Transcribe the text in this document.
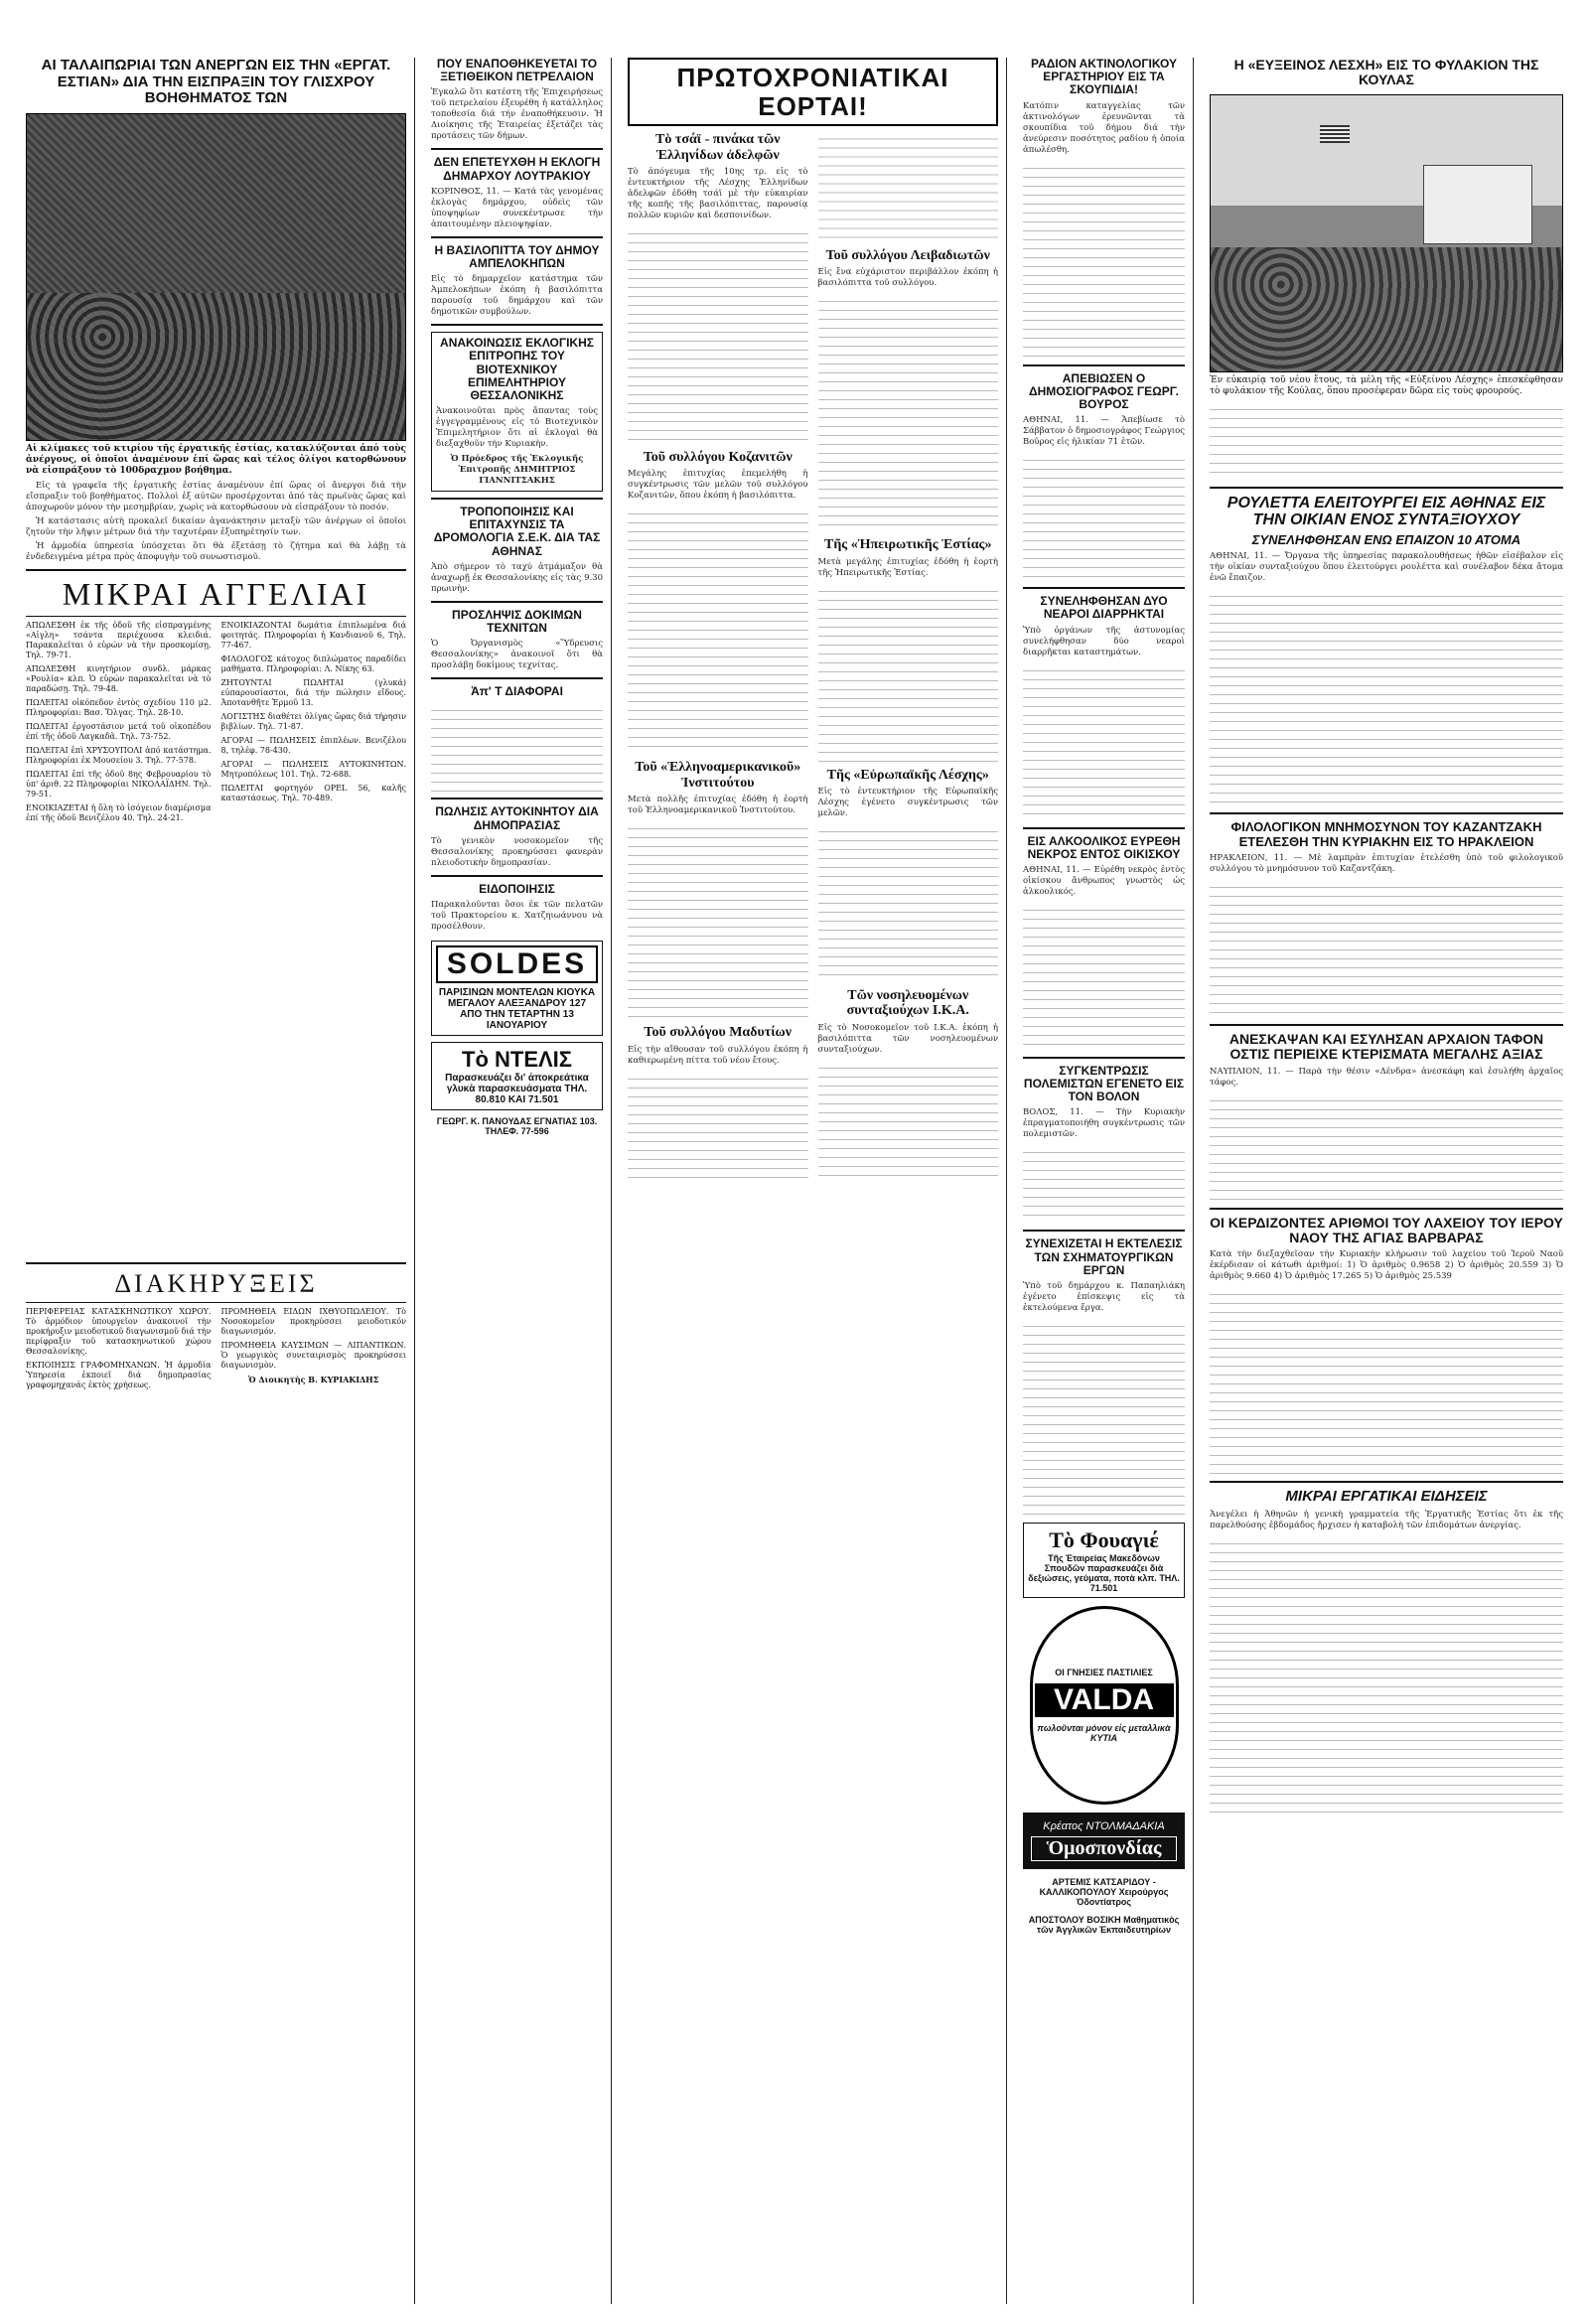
ΑΙ ΤΑΛΑΙΠΩΡΙΑΙ ΤΩΝ ΑΝΕΡΓΩΝ ΕΙΣ ΤΗΝ «ΕΡΓΑΤ. ΕΣΤΙΑΝ» ΔΙΑ ΤΗΝ ΕΙΣΠΡΑΞΙΝ ΤΟΥ ΓΛΙΣΧΡΟΥ ΒΟΗΘΗΜΑΤΟΣ ΤΩΝ
Αἱ κλίμακες τοῦ κτιρίου τῆς ἐργατικῆς ἑστίας, κατακλύζονται ἀπό τοὺς ἀνέργους, οἱ ὁποῖοι ἀναμένουν ἐπί ὥρας καὶ τέλος ὀλίγοι κατορθώνουν νὰ εἰσπράξουν τὸ 100δραχμον βοήθημα.

Εἰς τὰ γραφεῖα τῆς ἐργατικῆς ἑστίας ἀναμένουν ἐπί ὥρας οἱ ἄνεργοι διά τὴν εἴσπραξιν τοῦ βοηθήματος. Πολλοὶ ἐξ αὐτῶν προσέρχονται ἀπό τὰς πρωϊνὰς ὥρας καὶ ἀποχωροῦν μόνον τὴν μεσημβρίαν, χωρὶς νὰ κατορθώσουν νὰ εἰσπράξουν τὸ ποσόν.

Ἡ κατάστασις αὐτὴ προκαλεῖ δικαίαν ἀγανάκτησιν μεταξὺ τῶν ἀνέργων οἱ ὁποῖοι ζητοῦν τὴν λῆψιν μέτρων διά τὴν ταχυτέραν ἐξυπηρέτησίν των.

Ἡ ἀρμοδία ὑπηρεσία ὑπόσχεται ὅτι θὰ ἐξετάσῃ τὸ ζήτημα καὶ θὰ λάβῃ τὰ ἐνδεδειγμένα μέτρα πρὸς ἀποφυγὴν τοῦ συνωστισμοῦ.

ΜΙΚΡΑΙ ΑΓΓΕΛΙΑΙ
ΑΠΩΛΕΣΘΗ ἐκ τῆς ὁδοῦ τῆς εἰσπραγμένης «Αἰγλη» τσάντα περιέχουσα κλειδιά. Παρακαλεῖται ὁ εὑρών νὰ τὴν προσκομίσῃ. Τηλ. 79-71.
ΑΠΩΛΕΣΘΗ κινητήριον συνδλ. μάρκας «Ρουλία» κλπ. Ὁ εὑρών παρακαλεῖται νὰ τὸ παραδώσῃ. Τηλ. 79-48.
ΠΩΛΕΙΤΑΙ οἰκόπεδον ἐντὸς σχεδίου 110 μ2. Πληροφορίαι: Βασ. Ὅλγας. Τηλ. 28-10.
ΠΩΛΕΙΤΑΙ ἐργοστάσιον μετά τοῦ οἰκοπέδου ἐπί τῆς ὁδοῦ Λαγκαδᾶ. Τηλ. 73-752.
ΠΩΛΕΙΤΑΙ ἐπὶ ΧΡΥΣΟΥΠΟΛΙ ἀπό κατάστημα. Πληροφορίαι ἐκ Μουσείου 3. Τηλ. 77-578.
ΠΩΛΕΙΤΑΙ ἐπί τῆς ὁδοῦ 8ης Φεβρουαρίου τὸ ὑπ' ἀριθ. 22 Πληροφορίαι ΝΙΚΟΛΑΪΔΗΝ. Τηλ. 79-51.
ΕΝΟΙΚΙΑΖΕΤΑΙ ἡ ὅλη τὸ ἰσόγειον διαμέρισμα ἐπί τῆς ὁδοῦ Βενιζέλου 40. Τηλ. 24-21.
ΕΝΟΙΚΙΑΖΟΝΤΑΙ δωμάτια ἐπιπλωμένα διά φοιτητάς. Πληροφορίαι ἡ Κανδιανοῦ 6, Τηλ. 77-467.
ΦΙΛΟΛΟΓΟΣ κάτοχος διπλώματος παραδίδει μαθήματα. Πληροφορίαι: Λ. Νίκης 63.
ΖΗΤΟΥΝΤΑΙ ΠΩΛΗΤΑΙ (γλυκά) εὐπαρουσίαστοι, διά τήν πώλησιν εἴδους. Ἀποτανθῆτε Ἑρμοῦ 13.
ΛΟΓΙΣΤΗΣ διαθέτει ὀλίγας ὥρας διά τήρησιν βιβλίων. Τηλ. 71-87.
ΑΓΟΡΑΙ — ΠΩΛΗΣΕΙΣ ἐπιπλέων. Βενιζέλου 8, τηλέφ. 78-430.
ΑΓΟΡΑΙ — ΠΩΛΗΣΕΙΣ ΑΥΤΟΚΙΝΗΤΩΝ. Μητροπόλεως 101. Τηλ. 72-688.
ΠΩΛΕΙΤΑΙ φορτηγόν OPEL 56, καλῆς καταστάσεως. Τηλ. 70-489.
ΔΙΑΚΗΡΥΞΕΙΣ
ΠΕΡΙΦΕΡΕΙΑΣ ΚΑΤΑΣΚΗΝΩΤΙΚΟΥ ΧΩΡΟΥ. Τὸ ἀρμόδιον ὑπουργεῖον ἀνακοινοῖ τὴν προκήρυξιν μειοδοτικοῦ διαγωνισμοῦ διά τὴν περίφραξιν τοῦ κατασκηνωτικοῦ χώρου Θεσσαλονίκης.
ΕΚΠΟΙΗΣΙΣ ΓΡΑΦΟΜΗΧΑΝΩΝ. Ἡ ἀρμοδία Ὑπηρεσία ἐκποιεῖ διά δημοπρασίας γραφομηχανάς ἐκτὸς χρήσεως.
ΠΡΟΜΗΘΕΙΑ ΕΙΔΩΝ ΙΧΘΥΟΠΩΛΕΙΟΥ. Τὸ Νοσοκομεῖον προκηρύσσει μειοδοτικόν διαγωνισμόν.
ΠΡΟΜΗΘΕΙΑ ΚΑΥΣΙΜΩΝ — ΛΙΠΑΝΤΙΚΩΝ. Ὁ γεωργικὸς συνεταιρισμὸς προκηρύσσει διαγωνισμὸν.
Ὁ Διοικητὴς Β. ΚΥΡΙΑΚΙΔΗΣ
ΠΟΥ ΕΝΑΠΟΘΗΚΕΥΕΤΑΙ ΤΟ ΞΕΤΙΘΕΙΚΟΝ ΠΕΤΡΕΛΑΙΟΝ
Ἐγκαλῶ ὅτι κατέστη τῆς Ἐπιχειρήσεως τοῦ πετρελαίου ἐξευρέθη ἡ κατάλληλος τοποθεσία διά τήν ἐναποθήκευσιν. Ἡ Διοίκησις τῆς Ἑταιρείας ἐξετάζει τὰς προτάσεις τῶν δήμων.
ΔΕΝ ΕΠΕΤΕΥΧΘΗ Η ΕΚΛΟΓΗ ΔΗΜΑΡΧΟΥ ΛΟΥΤΡΑΚΙΟΥ
ΚΟΡΙΝΘΟΣ, 11. — Κατά τὰς γενομένας ἐκλογὰς δημάρχου, οὐδεὶς τῶν ὑποψηφίων συνεκέντρωσε τὴν ἀπαιτουμένην πλειοψηφίαν.
Η ΒΑΣΙΛΟΠΙΤΤΑ ΤΟΥ ΔΗΜΟΥ ΑΜΠΕΛΟΚΗΠΩΝ
Εἰς τὸ δημαρχεῖον κατάστημα τῶν Ἀμπελοκήπων ἐκόπη ἡ βασιλόπιττα παρουσίᾳ τοῦ δημάρχου καὶ τῶν δημοτικῶν συμβούλων.
ΑΝΑΚΟΙΝΩΣΙΣ ΕΚΛΟΓΙΚΗΣ ΕΠΙΤΡΟΠΗΣ ΤΟΥ ΒΙΟΤΕΧΝΙΚΟΥ ΕΠΙΜΕΛΗΤΗΡΙΟΥ ΘΕΣΣΑΛΟΝΙΚΗΣ
Ἀνακοινοῦται πρὸς ἅπαντας τοὺς ἐγγεγραμμένους εἰς τὸ Βιοτεχνικὸν Ἐπιμελητήριον ὅτι αἱ ἐκλογαὶ θὰ διεξαχθοῦν τὴν Κυριακὴν.
Ὁ Πρόεδρος τῆς Ἐκλογικῆς Ἐπιτροπῆς ΔΗΜΗΤΡΙΟΣ ΓΙΑΝΝΙΤΣΑΚΗΣ
ΤΡΟΠΟΠΟΙΗΣΙΣ ΚΑΙ ΕΠΙΤΑΧΥΝΣΙΣ ΤΑ ΔΡΟΜΟΛΟΓΙΑ Σ.Ε.Κ. ΔΙΑ ΤΑΣ ΑΘΗΝΑΣ
Ἀπὸ σήμερον τὸ ταχύ ἀτμάμαξον θὰ ἀναχωρῇ ἐκ Θεσσαλονίκης εἰς τὰς 9.30 πρωινὴν.
ΠΡΟΣΛΗΨΙΣ ΔΟΚΙΜΩΝ ΤΕΧΝΙΤΩΝ
Ὁ Ὀργανισμὸς «Ὕδρευσις Θεσσαλονίκης» ἀνακοινοῖ ὅτι θὰ προσλάβῃ δοκίμους τεχνίτας.
Ἀπ' Τ ΔΙΑΦΟΡΑΙ
ΠΩΛΗΣΙΣ ΑΥΤΟΚΙΝΗΤΟΥ ΔΙΑ ΔΗΜΟΠΡΑΣΙΑΣ
Τὸ γενικὸν νοσοκομεῖον τῆς Θεσσαλονίκης προκηρύσσει φανερὰν πλειοδοτικὴν δημοπρασίαν.
ΕΙΔΟΠΟΙΗΣΙΣ
Παρακαλοῦνται ὅσοι ἐκ τῶν πελατῶν τοῦ Πρακτορείου κ. Χατζηιωάννου νὰ προσέλθουν.
SOLDES
ΠΑΡΙΣΙΝΩΝ ΜΟΝΤΕΛΩΝ ΚΙΟΥΚΑ ΜΕΓΑΛΟΥ ΑΛΕΞΑΝΔΡΟΥ 127 ΑΠΟ ΤΗΝ ΤΕΤΑΡΤΗΝ 13 ΙΑΝΟΥΑΡΙΟΥ
Τὸ ΝΤΕΛΙΣ
Παρασκευάζει δι' ἀποκρεάτικα γλυκὰ παρασκευάσματα ΤΗΛ. 80.810 ΚΑΙ 71.501
ΓΕΩΡΓ. Κ. ΠΑΝΟΥΔΑΣ ΕΓΝΑΤΙΑΣ 103. ΤΗΛΕΦ. 77-596
ΠΡΩΤΟΧΡΟΝΙΑΤΙΚΑΙ ΕΟΡΤΑΙ!
Τὸ τσάϊ - πινάκα τῶν Ἑλληνίδων ἀδελφῶν
Τὸ ἀπόγευμα τῆς 10ης τρ. εἰς τὸ ἐντευκτήριον τῆς Λέσχης Ἑλληνίδων ἀδελφῶν ἐδόθη τσάϊ μὲ τὴν εὐκαιρίαν τῆς κοπῆς τῆς βασιλόπιττας, παρουσίᾳ πολλῶν κυριῶν καὶ δεσποινίδων.
Τοῦ συλλόγου Κοζανιτῶν
Μεγάλης ἐπιτυχίας ἐπεμελήθη ἡ συγκέντρωσις τῶν μελῶν τοῦ συλλόγου Κοζανιτῶν, ὅπου ἐκόπη ἡ βασιλόπιττα.
Τοῦ «Ἑλληνοαμερικανικοῦ» Ἰνστιτούτου
Μετὰ πολλῆς ἐπιτυχίας ἐδόθη ἡ ἑορτὴ τοῦ Ἑλληνοαμερικανικοῦ Ἰνστιτούτου.
Τοῦ συλλόγου Μαδυτίων
Εἰς τὴν αἴθουσαν τοῦ συλλόγου ἐκόπη ἡ καθιερωμένη πίττα τοῦ νέου ἔτους.
Τοῦ συλλόγου Λειβαδιωτῶν
Εἰς ἔνα εὐχάριστον περιβάλλον ἐκόπη ἡ βασιλόπιττα τοῦ συλλόγου.
Τῆς «Ἠπειρωτικῆς Ἑστίας»
Μετὰ μεγάλης ἐπιτυχίας ἐδόθη ἡ ἑορτὴ τῆς Ἠπειρωτικῆς Ἑστίας.
Τῆς «Εὐρωπαϊκῆς Λέσχης»
Εἰς τὸ ἐντευκτήριον τῆς Εὐρωπαϊκῆς Λέσχης ἐγένετο συγκέντρωσις τῶν μελῶν.
Τῶν νοσηλευομένων συνταξιούχων Ι.Κ.Α.
Εἰς τὸ Νοσοκομεῖον τοῦ Ι.Κ.Α. ἐκόπη ἡ βασιλόπιττα τῶν νοσηλευομένων συνταξιούχων.
ΡΑΔΙΟΝ ΑΚΤΙΝΟΛΟΓΙΚΟΥ ΕΡΓΑΣΤΗΡΙΟΥ ΕΙΣ ΤΑ ΣΚΟΥΠΙΔΙΑ!
Κατόπιν καταγγελίας τῶν ἀκτινολόγων ἐρευνῶνται τὰ σκουπίδια τοῦ δήμου διά τὴν ἀνεύρεσιν ποσότητος ραδίου ἡ ὁποία ἀπωλέσθη.
ΑΠΕΒΙΩΣΕΝ Ο ΔΗΜΟΣΙΟΓΡΑΦΟΣ ΓΕΩΡΓ. ΒΟΥΡΟΣ
ΑΘΗΝΑΙ, 11. — Ἀπεβίωσε τὸ Σάββατον ὁ δημοσιογράφος Γεώργιος Βοῦρος εἰς ἡλικίαν 71 ἐτῶν.
ΣΥΝΕΛΗΦΘΗΣΑΝ ΔΥΟ ΝΕΑΡΟΙ ΔΙΑΡΡΗΚΤΑΙ
Ὑπὸ ὀργάνων τῆς ἀστυνομίας συνελήφθησαν δύο νεαροὶ διαρρῆκται καταστημάτων.
ΕΙΣ ΑΛΚΟΟΛΙΚΟΣ ΕΥΡΕΘΗ ΝΕΚΡΟΣ ΕΝΤΟΣ ΟΙΚΙΣΚΟΥ
ΑΘΗΝΑΙ, 11. — Εὑρέθη νεκρὸς ἐντὸς οἰκίσκου ἄνθρωπος γνωστὸς ὡς ἀλκοολικός.
ΣΥΓΚΕΝΤΡΩΣΙΣ ΠΟΛΕΜΙΣΤΩΝ ΕΓΕΝΕΤΟ ΕΙΣ ΤΟΝ ΒΟΛΟΝ
ΒΟΛΟΣ, 11. — Τὴν Κυριακὴν ἐπραγματοποιήθη συγκέντρωσις τῶν πολεμιστῶν.
ΣΥΝΕΧΙΖΕΤΑΙ Η ΕΚΤΕΛΕΣΙΣ ΤΩΝ ΣΧΗΜΑΤΟΥΡΓΙΚΩΝ ΕΡΓΩΝ
Ὑπὸ τοῦ δημάρχου κ. Παπαηλιάκη ἐγένετο ἐπίσκεψις εἰς τὰ ἐκτελούμενα ἔργα.
Τὸ Φουαγιέ
Τῆς Ἑταιρείας Μακεδόνων Σπουδῶν παρασκευάζει διὰ δεξιώσεις, γεύματα, ποτὰ κλπ. ΤΗΛ. 71.501
ΟΙ ΓΝΗΣΙΕΣ ΠΑΣΤΙΛΙΕΣ
VALDA
πωλοῦνται μόνον εἰς μεταλλικὰ ΚΥΤΙΑ
Κρέατος ΝΤΟΛΜΑΔΑΚΙΑ
Ὁμοσπονδίας
ΑΡΤΕΜΙΣ ΚΑΤΣΑΡΙΔΟΥ - ΚΑΛΛΙΚΟΠΟΥΛΟΥ Χειρούργος Ὀδοντίατρος
ΑΠΟΣΤΟΛΟΥ ΒΟΣΙΚΗ Μαθηματικὸς τῶν Ἀγγλικῶν Ἐκπαιδευτηρίων
Η «ΕΥΞΕΙΝΟΣ ΛΕΣΧΗ» ΕΙΣ ΤΟ ΦΥΛΑΚΙΟΝ ΤΗΣ ΚΟΥΛΑΣ
Ἐν εὐκαιρίᾳ τοῦ νέου ἔτους, τὰ μέλη τῆς «Εὐξείνου Λέσχης» ἐπεσκέφθησαν τὸ φυλάκιον τῆς Κούλας, ὅπου προσέφεραν δῶρα εἰς τοὺς φρουρούς.
ΡΟΥΛΕΤΤΑ ΕΛΕΙΤΟΥΡΓΕΙ ΕΙΣ ΑΘΗΝΑΣ ΕΙΣ ΤΗΝ ΟΙΚΙΑΝ ΕΝΟΣ ΣΥΝΤΑΞΙΟΥΧΟΥ
ΣΥΝΕΛΗΦΘΗΣΑΝ ΕΝΩ ΕΠΑΙΖΟΝ 10 ΑΤΟΜΑ
ΑΘΗΝΑΙ, 11. — Ὄργανα τῆς ὑπηρεσίας παρακολουθήσεως ἠθῶν εἰσέβαλον εἰς τὴν οἰκίαν συνταξιούχου ὅπου ἐλειτούργει ρουλέττα καὶ συνέλαβον δέκα ἄτομα ἐνῶ ἔπαιζον.
ΦΙΛΟΛΟΓΙΚΟΝ ΜΝΗΜΟΣΥΝΟΝ ΤΟΥ ΚΑΖΑΝΤΖΑΚΗ ΕΤΕΛΕΣΘΗ ΤΗΝ ΚΥΡΙΑΚΗΝ ΕΙΣ ΤΟ ΗΡΑΚΛΕΙΟΝ
ΗΡΑΚΛΕΙΟΝ, 11. — Μὲ λαμπρὰν ἐπιτυχίαν ἐτελέσθη ὑπὸ τοῦ φιλολογικοῦ συλλόγου τὸ μνημόσυνον τοῦ Καζαντζάκη.
ΑΝΕΣΚΑΨΑΝ ΚΑΙ ΕΣΥΛΗΣΑΝ ΑΡΧΑΙΟΝ ΤΑΦΟΝ ΟΣΤΙΣ ΠΕΡΙΕΙΧΕ ΚΤΕΡΙΣΜΑΤΑ ΜΕΓΑΛΗΣ ΑΞΙΑΣ
ΝΑΥΠΛΙΟΝ, 11. — Παρὰ τὴν θέσιν «Δένδρα» ἀνεσκάφη καὶ ἐσυλήθη ἀρχαῖος τάφος.
ΟΙ ΚΕΡΔΙΖΟΝΤΕΣ ΑΡΙΘΜΟΙ ΤΟΥ ΛΑΧΕΙΟΥ ΤΟΥ ΙΕΡΟΥ ΝΑΟΥ ΤΗΣ ΑΓΙΑΣ ΒΑΡΒΑΡΑΣ
Κατὰ τὴν διεξαχθεῖσαν τὴν Κυριακὴν κλήρωσιν τοῦ λαχείου τοῦ Ἱεροῦ Ναοῦ ἐκέρδισαν οἱ κάτωθι ἀριθμοί: 1) Ὁ ἀριθμὸς 0.9658 2) Ὁ ἀριθμὸς 20.559 3) Ὁ ἀριθμὸς 9.660 4) Ὁ ἀριθμὸς 17.265 5) Ὁ ἀριθμὸς 25.539
ΜΙΚΡΑΙ ΕΡΓΑΤΙΚΑΙ ΕΙΔΗΣΕΙΣ
Ἀνεγέλει ἡ Ἀθηνῶν ἡ γενικὴ γραμματεία τῆς Ἐργατικῆς Ἑστίας ὅτι ἐκ τῆς παρελθούσης ἑβδομάδος ἤρχισεν ἡ καταβολὴ τῶν ἐπιδομάτων ἀνεργίας.
